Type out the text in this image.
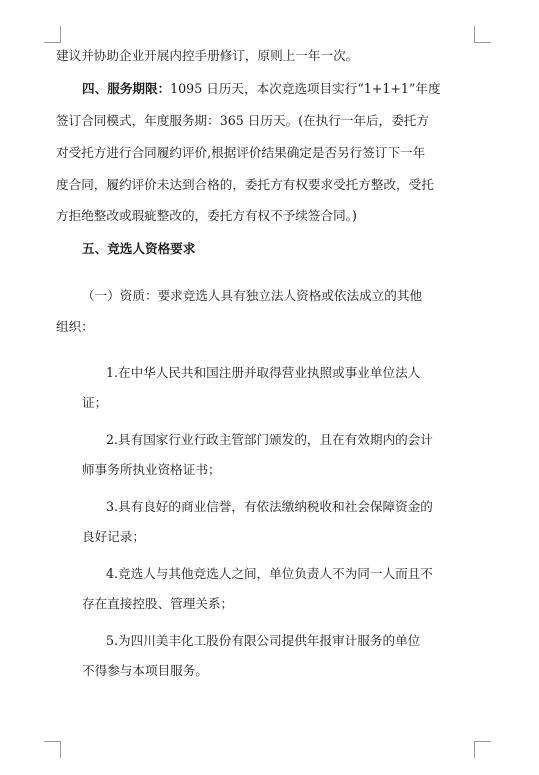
建议并协助企业开展内控手册修订，原则上一年一次。
四、服务期限：1095 日历天，本次竞选项目实行“1+1+1”年度
签订合同模式，年度服务期：365 日历天。(在执行一年后，委托方
对受托方进行合同履约评价,根据评价结果确定是否另行签订下一年
度合同，履约评价未达到合格的，委托方有权要求受托方整改，受托
方拒绝整改或瑕疵整改的，委托方有权不予续签合同。)
五、竞选人资格要求
（一）资质：要求竞选人具有独立法人资格或依法成立的其他
组织：
1.在中华人民共和国注册并取得营业执照或事业单位法人
证；
2.具有国家行业行政主管部门颁发的，且在有效期内的会计
师事务所执业资格证书；
3.具有良好的商业信誉，有依法缴纳税收和社会保障资金的
良好记录；
4.竞选人与其他竞选人之间，单位负责人不为同一人而且不
存在直接控股、管理关系；
5.为四川美丰化工股份有限公司提供年报审计服务的单位
不得参与本项目服务。
